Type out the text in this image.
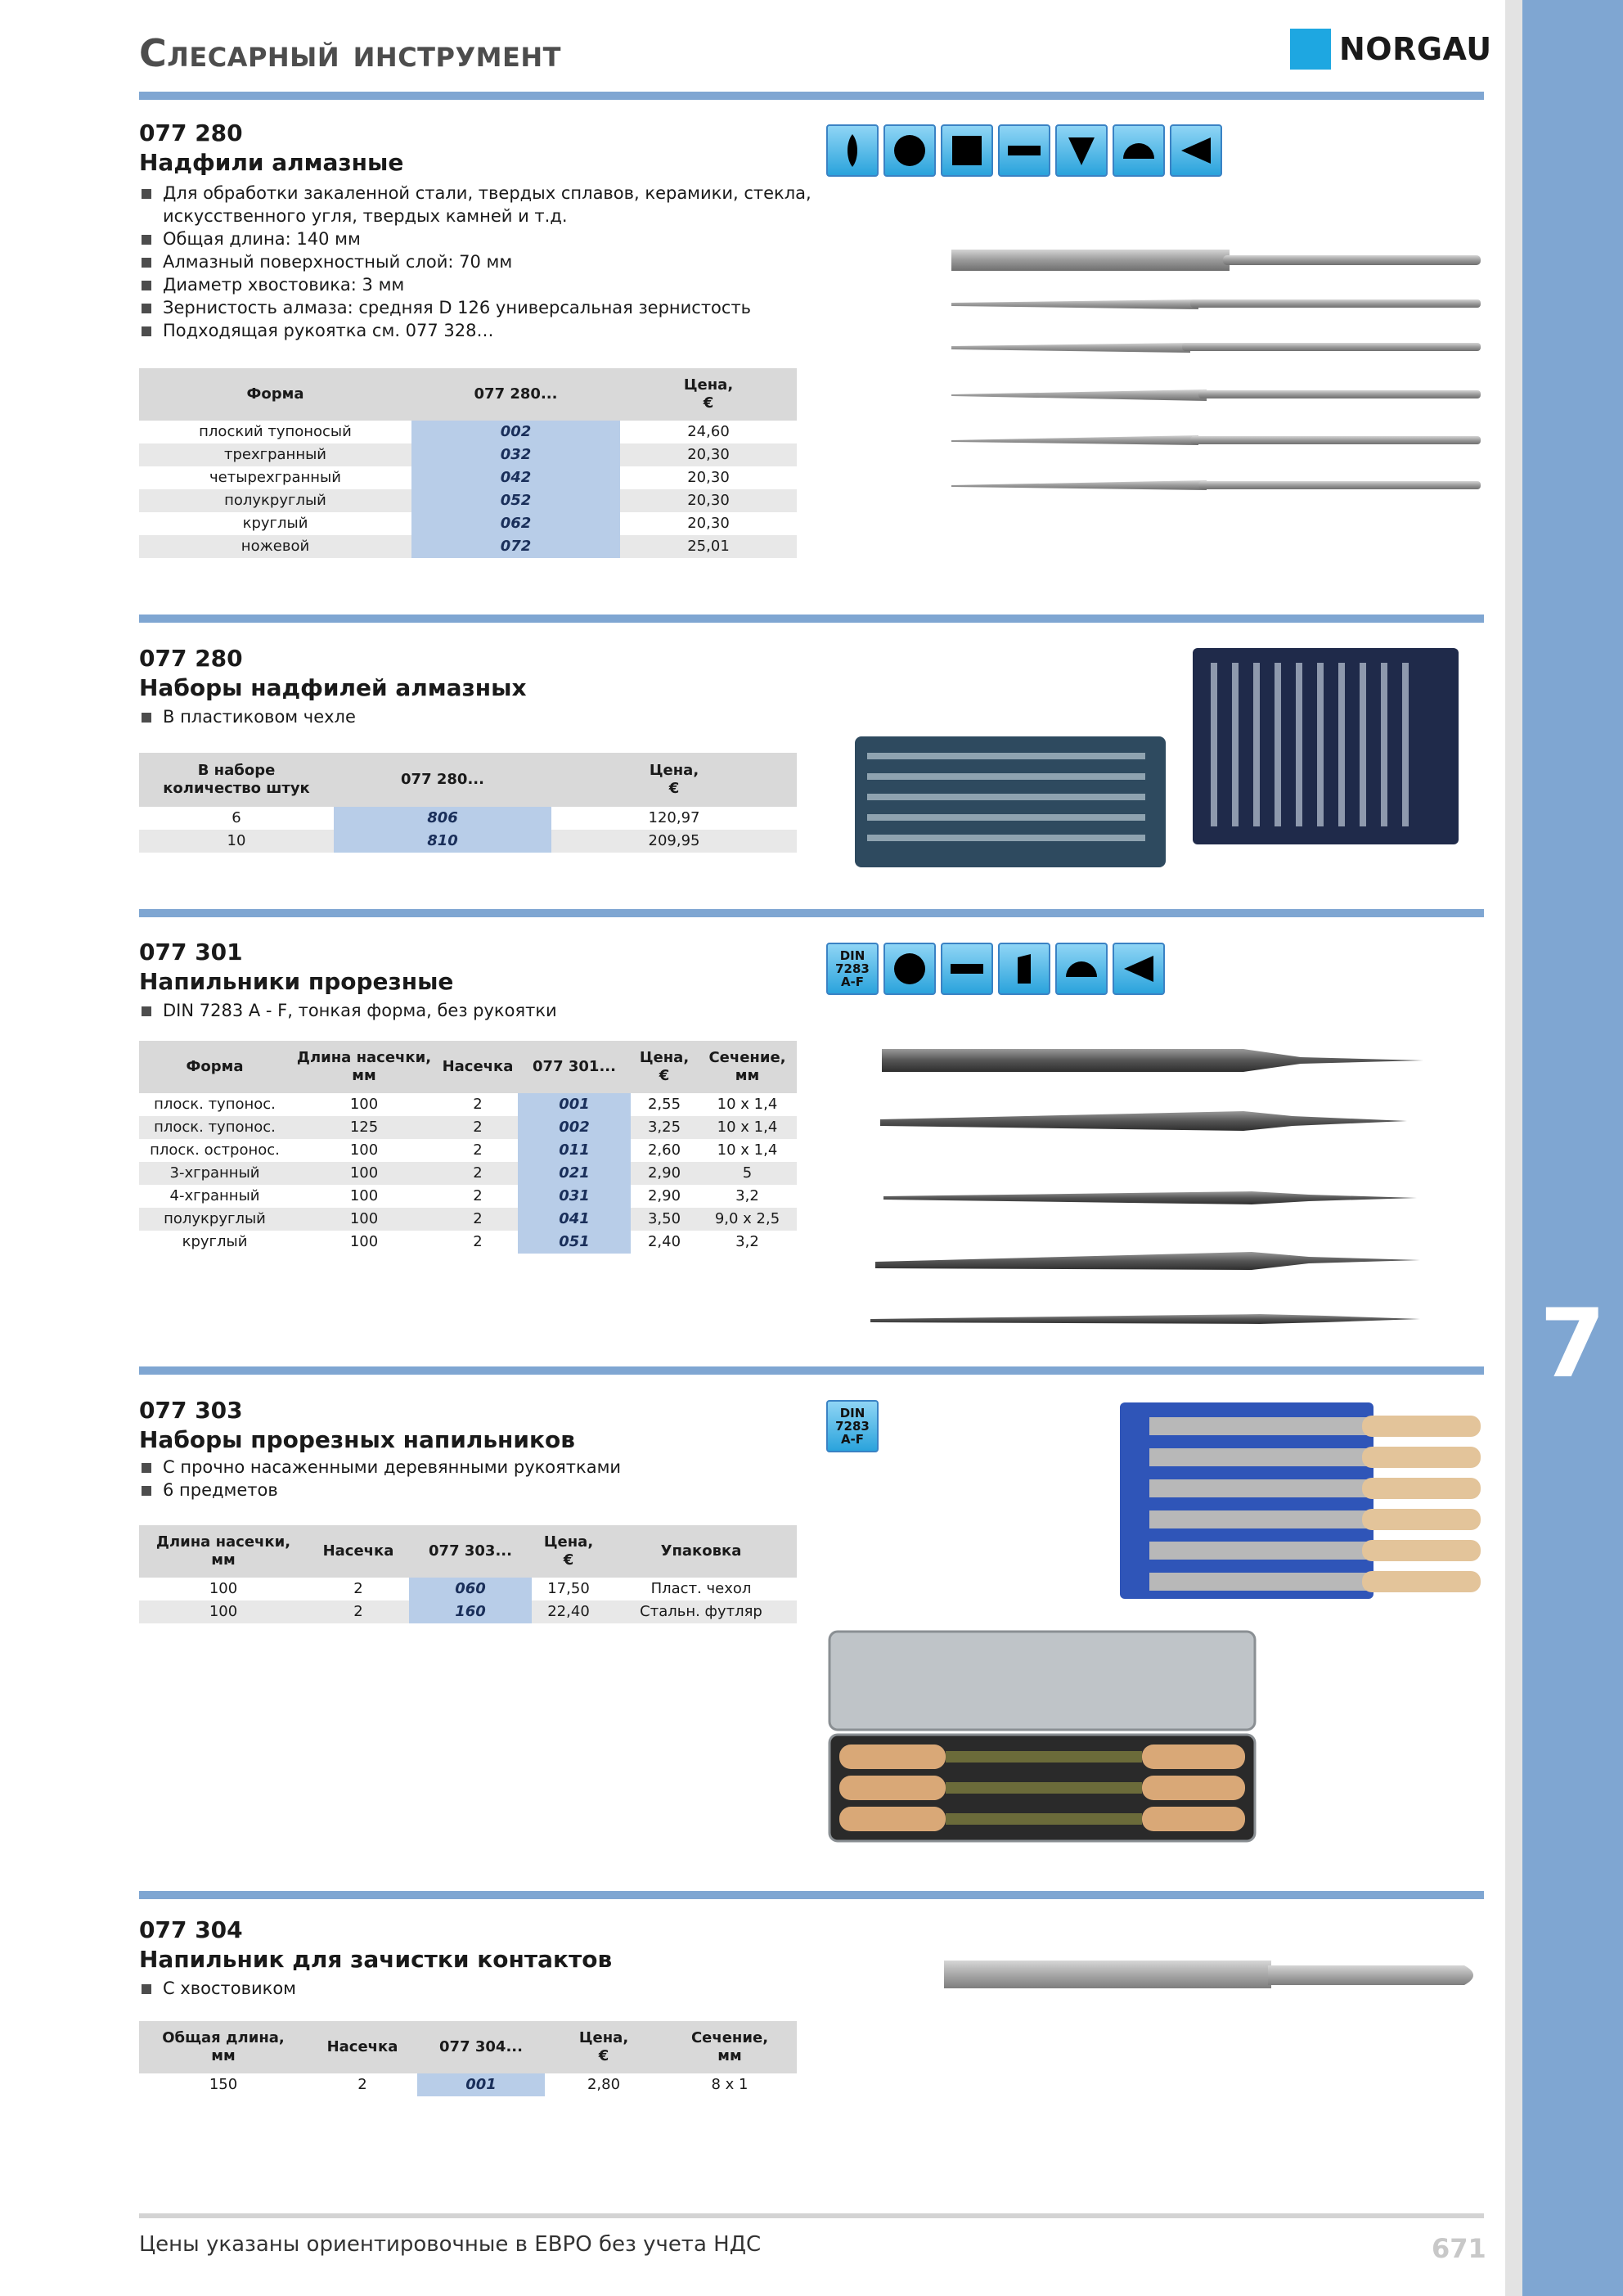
7
Слесарный инструмент	NORGAU
077 280
Надфили алмазные
Для обработки закаленной стали, твердых сплавов, керамики, стекла, искусственного угля, твердых камней и т.д.
Общая длина: 140 мм
Алмазный поверхностный слой: 70 мм
Диаметр хвостовика: 3 мм
Зернистость алмаза: средняя D 126 универсальная зернистость
Подходящая рукоятка см. 077 328…
Форма	077 280...	Цена,
€
плоский тупоносый	002	24,60
трехгранный	032	20,30
четырехгранный	042	20,30
полукруглый	052	20,30
круглый	062	20,30
ножевой	072	25,01
077 280
Наборы надфилей алмазных
В пластиковом чехле
В наборе
количество штук	077 280...	Цена,
€
6	806	120,97
10	810	209,95
077 301
Напильники прорезные
DIN 7283 A - F, тонкая форма, без рукоятки
Форма	Длина насечки,
мм	Насечка	077 301...	Цена,
€	Сечение,
мм
плоск. тупонос.	100	2	001	2,55	10 x 1,4
плоск. тупонос.	125	2	002	3,25	10 x 1,4
плоск. остронос.	100	2	011	2,60	10 x 1,4
3-хгранный	100	2	021	2,90	5
4-хгранный	100	2	031	2,90	3,2
полукруглый	100	2	041	3,50	9,0 x 2,5
круглый	100	2	051	2,40	3,2
DIN 7283 A-F
077 303
Наборы прорезных напильников
С прочно насаженными деревянными рукоятками
6 предметов
Длина насечки,
мм	Насечка	077 303...	Цена,
€	Упаковка
100	2	060	17,50	Пласт. чехол
100	2	160	22,40	Стальн. футляр
DIN 7283 A-F
077 304
Напильник для зачистки контактов
С хвостовиком
Общая длина,
мм	Насечка	077 304...	Цена,
€	Сечение,
мм
150	2	001	2,80	8 x 1
Цены указаны ориентировочные в ЕВРО без учета НДС	671
